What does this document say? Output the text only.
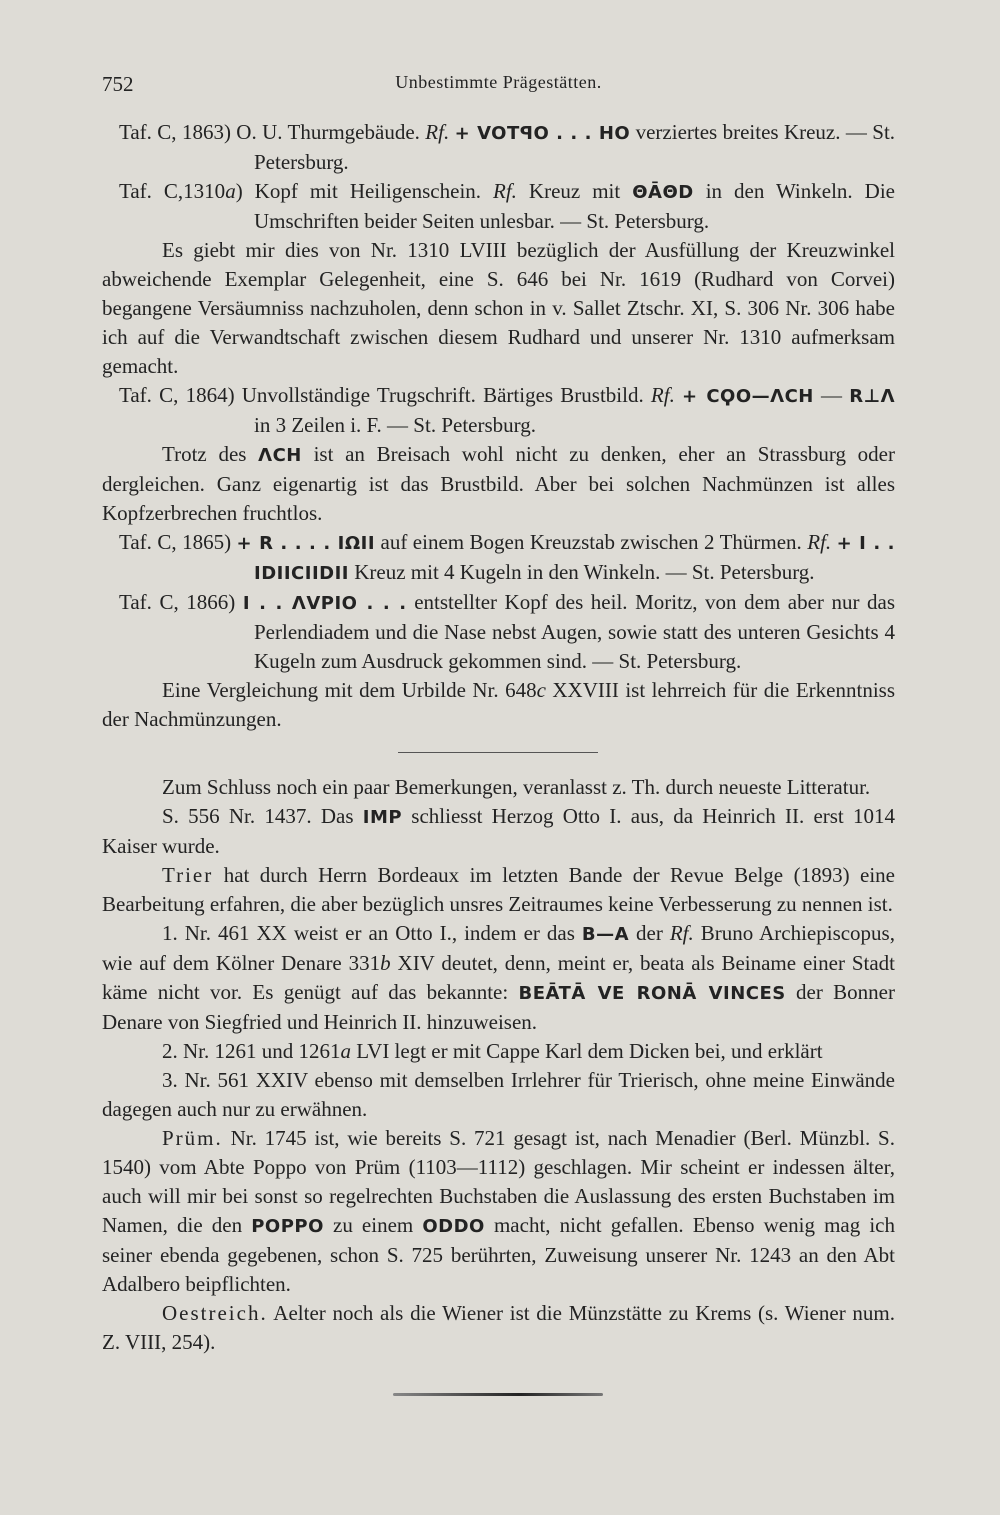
752	Unbestimmte Prägestätten.

Taf. C, 1863) O. U. Thurmgebäude. Rf. + VOTꟼO . . . HO verziertes breites Kreuz. — St. Petersburg.

Taf. C,1310a) Kopf mit Heiligenschein. Rf. Kreuz mit ΘĀΘD in den Winkeln. Die Umschriften beider Seiten unlesbar. — St. Petersburg.

Es giebt mir dies von Nr. 1310 LVIII bezüglich der Ausfüllung der Kreuzwinkel abweichende Exemplar Gelegenheit, eine S. 646 bei Nr. 1619 (Rudhard von Corvei) begangene Versäumniss nachzuholen, denn schon in v. Sallet Ztschr. XI, S. 306 Nr. 306 habe ich auf die Verwandtschaft zwischen diesem Rudhard und unserer Nr. 1310 aufmerksam gemacht.

Taf. C, 1864) Unvollständige Trugschrift. Bärtiges Brustbild. Rf. + CϘO—ΛCH — R⊥Λ in 3 Zeilen i. F. — St. Petersburg.

Trotz des ΛCH ist an Breisach wohl nicht zu denken, eher an Strassburg oder dergleichen. Ganz eigenartig ist das Brustbild. Aber bei solchen Nachmünzen ist alles Kopfzerbrechen fruchtlos.

Taf. C, 1865) + R . . . . IΩII auf einem Bogen Kreuzstab zwischen 2 Thürmen. Rf. + I . . IDIICIIDII Kreuz mit 4 Kugeln in den Winkeln. — St. Petersburg.

Taf. C, 1866) I . . ΛVPIO . . . entstellter Kopf des heil. Moritz, von dem aber nur das Perlendiadem und die Nase nebst Augen, sowie statt des unteren Gesichts 4 Kugeln zum Ausdruck gekommen sind. — St. Petersburg.

Eine Vergleichung mit dem Urbilde Nr. 648c XXVIII ist lehrreich für die Erkenntniss der Nachmünzungen.

Zum Schluss noch ein paar Bemerkungen, veranlasst z. Th. durch neueste Litteratur.

S. 556 Nr. 1437. Das IMP schliesst Herzog Otto I. aus, da Heinrich II. erst 1014 Kaiser wurde.

Trier hat durch Herrn Bordeaux im letzten Bande der Revue Belge (1893) eine Bearbeitung erfahren, die aber bezüglich unsres Zeitraumes keine Verbesserung zu nennen ist.

1. Nr. 461 XX weist er an Otto I., indem er das B—A der Rf. Bruno Archiepiscopus, wie auf dem Kölner Denare 331b XIV deutet, denn, meint er, beata als Beiname einer Stadt käme nicht vor. Es genügt auf das bekannte: BEĀTĀ VE RONĀ VINCES der Bonner Denare von Siegfried und Heinrich II. hinzuweisen.

2. Nr. 1261 und 1261a LVI legt er mit Cappe Karl dem Dicken bei, und erklärt

3. Nr. 561 XXIV ebenso mit demselben Irrlehrer für Trierisch, ohne meine Einwände dagegen auch nur zu erwähnen.

Prüm. Nr. 1745 ist, wie bereits S. 721 gesagt ist, nach Menadier (Berl. Münzbl. S. 1540) vom Abte Poppo von Prüm (1103—1112) geschlagen. Mir scheint er indessen älter, auch will mir bei sonst so regelrechten Buchstaben die Auslassung des ersten Buchstaben im Namen, die den POPPO zu einem ODDO macht, nicht gefallen. Ebenso wenig mag ich seiner ebenda gegebenen, schon S. 725 berührten, Zuweisung unserer Nr. 1243 an den Abt Adalbero beipflichten.

Oestreich. Aelter noch als die Wiener ist die Münzstätte zu Krems (s. Wiener num. Z. VIII, 254).
